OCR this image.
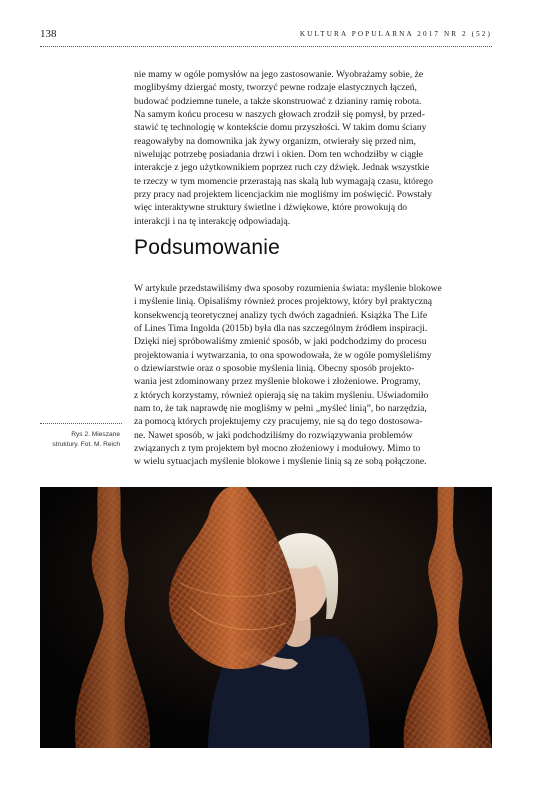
138	KULTURA POPULARNA 2017 NR 2 (52)

nie mamy w ogóle pomysłów na jego zastosowanie. Wyobrażamy sobie, że
moglibyśmy dziergać mosty, tworzyć pewne rodzaje elastycznych łączeń,
budować podziemne tunele, a także skonstruować z dzianiny ramię robota.
Na samym końcu procesu w naszych głowach zrodził się pomysł, by przed-
stawić tę technologię w kontekście domu przyszłości. W takim domu ściany
reagowałyby na domownika jak żywy organizm, otwierały się przed nim,
niwelując potrzebę posiadania drzwi i okien. Dom ten wchodziłby w ciągłe
interakcje z jego użytkownikiem poprzez ruch czy dźwięk. Jednak wszystkie
te rzeczy w tym momencie przerastają nas skalą lub wymagają czasu, którego
przy pracy nad projektem licencjackim nie mogliśmy im poświęcić. Powstały
więc interaktywne struktury świetlne i dźwiękowe, które prowokują do
interakcji i na tę interakcję odpowiadają.

Podsumowanie

W artykule przedstawiliśmy dwa sposoby rozumienia świata: myślenie blokowe
i myślenie linią. Opisaliśmy również proces projektowy, który był praktyczną
konsekwencją teoretycznej analizy tych dwóch zagadnień. Książka The Life
of Lines Tima Ingolda (2015b) była dla nas szczególnym źródłem inspiracji.
Dzięki niej spróbowaliśmy zmienić sposób, w jaki podchodzimy do procesu
projektowania i wytwarzania, to ona spowodowała, że w ogóle pomyśleliśmy
o dziewiarstwie oraz o sposobie myślenia linią. Obecny sposób projekto-
wania jest zdominowany przez myślenie blokowe i złożeniowe. Programy,
z których korzystamy, również opierają się na takim myśleniu. Uświadomiło
nam to, że tak naprawdę nie mogliśmy w pełni „myśleć linią”, bo narzędzia,
za pomocą których projektujemy czy pracujemy, nie są do tego dostosowa-
ne. Nawet sposób, w jaki podchodziliśmy do rozwiązywania problemów
związanych z tym projektem był mocno złożeniowy i modułowy. Mimo to
w wielu sytuacjach myślenie blokowe i myślenie linią są ze sobą połączone.

Rys 2. Mieszane
struktury. Fot. M. Reich
